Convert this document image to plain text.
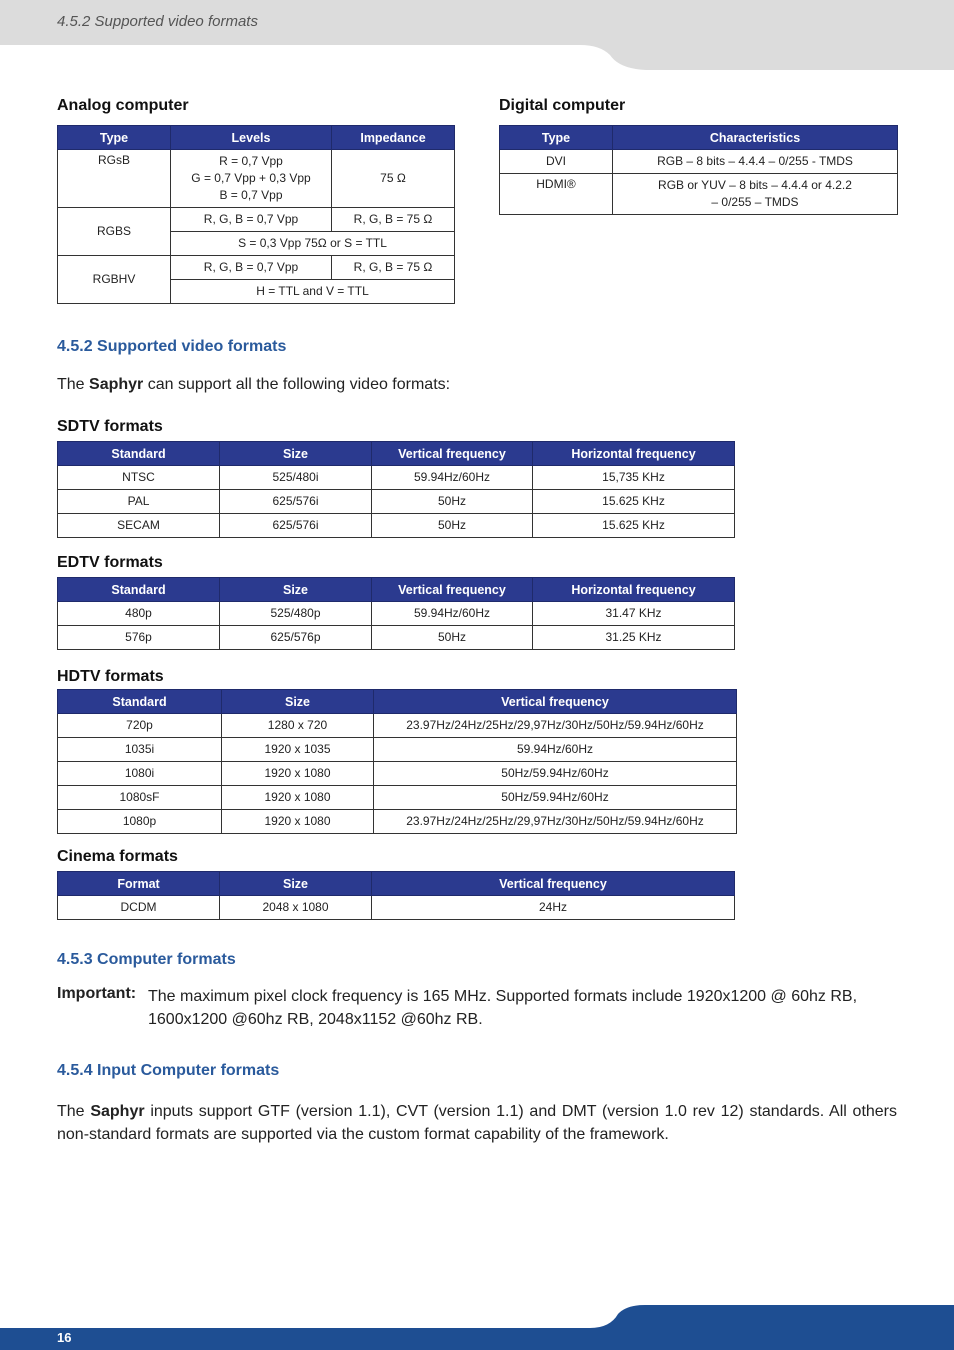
4.5.2 Supported video formats
Analog computer
Type	Levels	Impedance
RGsB	R = 0,7 Vpp
G = 0,7 Vpp + 0,3 Vpp
B = 0,7 Vpp	75 Ω
RGBS	R, G, B = 0,7 Vpp	R, G, B = 75 Ω
	S = 0,3 Vpp 75Ω or S = TTL	
RGBHV	R, G, B = 0,7 Vpp	R, G, B = 75 Ω
	H = TTL and V = TTL	
Digital computer
Type	Characteristics
DVI	RGB – 8 bits – 4.4.4 – 0/255 - TMDS
HDMI®	RGB or YUV – 8 bits – 4.4.4 or 4.2.2
– 0/255 – TMDS
4.5.2 Supported video formats
The Saphyr can support all the following video formats:
SDTV formats
Standard	Size	Vertical frequency	Horizontal frequency
NTSC	525/480i	59.94Hz/60Hz	15,735 KHz
PAL	625/576i	50Hz	15.625 KHz
SECAM	625/576i	50Hz	15.625 KHz
EDTV formats
Standard	Size	Vertical frequency	Horizontal frequency
480p	525/480p	59.94Hz/60Hz	31.47 KHz
576p	625/576p	50Hz	31.25 KHz
HDTV formats
Standard	Size	Vertical frequency
720p	1280 x 720	23.97Hz/24Hz/25Hz/29,97Hz/30Hz/50Hz/59.94Hz/60Hz
1035i	1920 x 1035	59.94Hz/60Hz
1080i	1920 x 1080	50Hz/59.94Hz/60Hz
1080sF	1920 x 1080	50Hz/59.94Hz/60Hz
1080p	1920 x 1080	23.97Hz/24Hz/25Hz/29,97Hz/30Hz/50Hz/59.94Hz/60Hz
Cinema formats
Format	Size	Vertical frequency
DCDM	2048 x 1080	24Hz
4.5.3 Computer formats
Important: The maximum pixel clock frequency is 165 MHz. Supported formats include 1920x1200 @ 60hz RB, 1600x1200 @60hz RB, 2048x1152 @60hz RB.
4.5.4 Input Computer formats
The Saphyr inputs support GTF (version 1.1), CVT (version 1.1) and DMT (version 1.0 rev 12) standards. All others non-standard formats are supported via the custom format capability of the framework.
16
